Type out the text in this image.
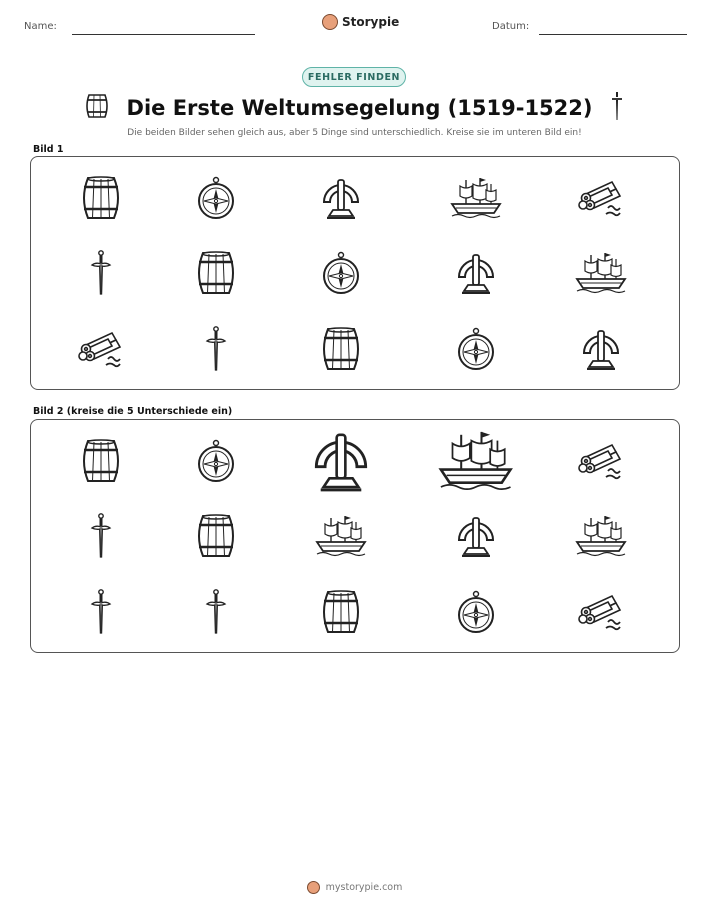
Name:	Storypie	Datum:
FEHLER FINDEN
Die Erste Weltumsegelung (1519-1522)
Die beiden Bilder sehen gleich aus, aber 5 Dinge sind unterschiedlich. Kreise sie im unteren Bild ein!
Bild 1
Bild 2 (kreise die 5 Unterschiede ein)
mystorypie.com
